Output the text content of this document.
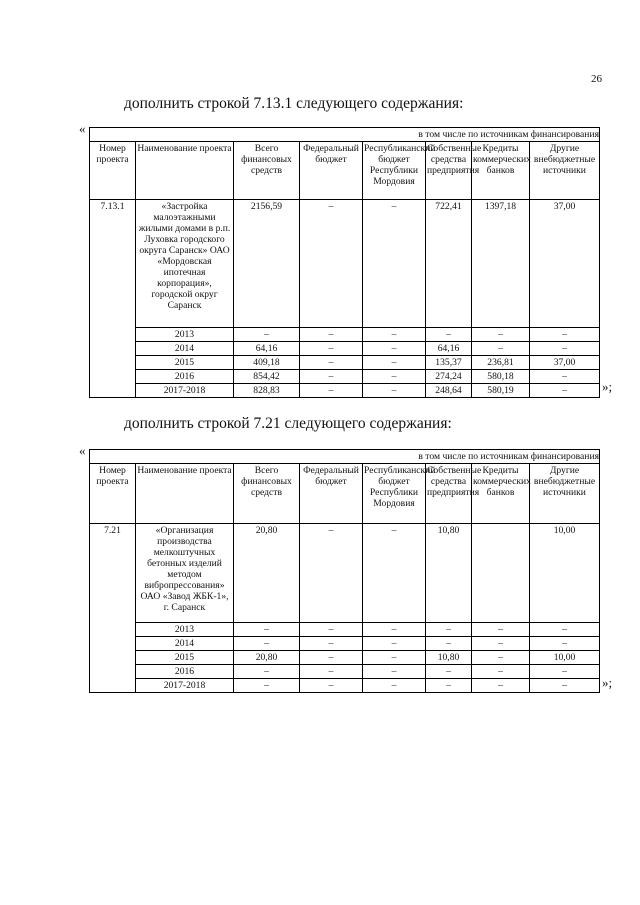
26
дополнить строкой 7.13.1 следующего содержания:
«	в том числе по источникам финансирования							
Номер проекта	Наименование проекта	Всего финансовых средств	Федеральный бюджет	Республиканский бюджет Республики Мордовия	Собственные средства предприятия	Кредиты коммерческих банков	Другие внебюджетные источники
7.13.1	«Застройка малоэтажными жилыми домами в р.п. Луховка городского округа Саранск» ОАО «Мордовская ипотечная корпорация», городской округ Саранск	2156,59	–	–	722,41	1397,18	37,00
	2013	–	–	–	–	–	–
	2014	64,16	–	–	64,16	–	–
	2015	409,18	–	–	135,37	236,81	37,00
	2016	854,42	–	–	274,24	580,18	–
	2017-2018	828,83	–	–	248,64	580,19	–	»;
дополнить строкой 7.21 следующего содержания:
«	в том числе по источникам финансирования							
Номер проекта	Наименование проекта	Всего финансовых средств	Федеральный бюджет	Республиканский бюджет Республики Мордовия	Собственные средства предприятия	Кредиты коммерческих банков	Другие внебюджетные источники
7.21	«Организация производства мелкоштучных бетонных изделий методом вибропрессования» ОАО «Завод ЖБК-1», г. Саранск	20,80	–	–	10,80		10,00
	2013	–	–	–	–	–	–
	2014	–	–	–	–	–	–
	2015	20,80	–	–	10,80	–	10,00
	2016	–	–	–	–	–	–
	2017-2018	–	–	–	–	–	–	»;
